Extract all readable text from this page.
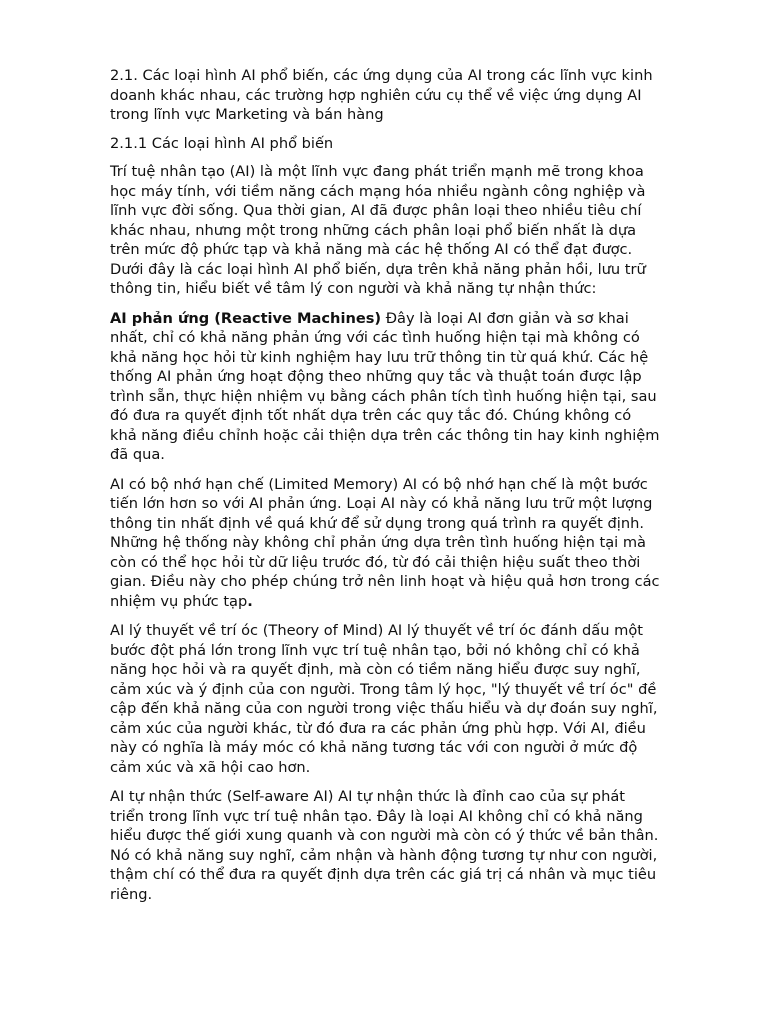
2.1. Các loại hình AI phổ biến, các ứng dụng của AI trong các lĩnh vực kinh
doanh khác nhau, các trường hợp nghiên cứu cụ thể về việc ứng dụng AI
trong lĩnh vực Marketing và bán hàng

2.1.1 Các loại hình AI phổ biến

Trí tuệ nhân tạo (AI) là một lĩnh vực đang phát triển mạnh mẽ trong khoa
học máy tính, với tiềm năng cách mạng hóa nhiều ngành công nghiệp và
lĩnh vực đời sống. Qua thời gian, AI đã được phân loại theo nhiều tiêu chí
khác nhau, nhưng một trong những cách phân loại phổ biến nhất là dựa
trên mức độ phức tạp và khả năng mà các hệ thống AI có thể đạt được.
Dưới đây là các loại hình AI phổ biến, dựa trên khả năng phản hồi, lưu trữ
thông tin, hiểu biết về tâm lý con người và khả năng tự nhận thức:

AI phản ứng (Reactive Machines) Đây là loại AI đơn giản và sơ khai
nhất, chỉ có khả năng phản ứng với các tình huống hiện tại mà không có
khả năng học hỏi từ kinh nghiệm hay lưu trữ thông tin từ quá khứ. Các hệ
thống AI phản ứng hoạt động theo những quy tắc và thuật toán được lập
trình sẵn, thực hiện nhiệm vụ bằng cách phân tích tình huống hiện tại, sau
đó đưa ra quyết định tốt nhất dựa trên các quy tắc đó. Chúng không có
khả năng điều chỉnh hoặc cải thiện dựa trên các thông tin hay kinh nghiệm
đã qua.

AI có bộ nhớ hạn chế (Limited Memory) AI có bộ nhớ hạn chế là một bước
tiến lớn hơn so với AI phản ứng. Loại AI này có khả năng lưu trữ một lượng
thông tin nhất định về quá khứ để sử dụng trong quá trình ra quyết định.
Những hệ thống này không chỉ phản ứng dựa trên tình huống hiện tại mà
còn có thể học hỏi từ dữ liệu trước đó, từ đó cải thiện hiệu suất theo thời
gian. Điều này cho phép chúng trở nên linh hoạt và hiệu quả hơn trong các
nhiệm vụ phức tạp.

AI lý thuyết về trí óc (Theory of Mind) AI lý thuyết về trí óc đánh dấu một
bước đột phá lớn trong lĩnh vực trí tuệ nhân tạo, bởi nó không chỉ có khả
năng học hỏi và ra quyết định, mà còn có tiềm năng hiểu được suy nghĩ,
cảm xúc và ý định của con người. Trong tâm lý học, "lý thuyết về trí óc" đề
cập đến khả năng của con người trong việc thấu hiểu và dự đoán suy nghĩ,
cảm xúc của người khác, từ đó đưa ra các phản ứng phù hợp. Với AI, điều
này có nghĩa là máy móc có khả năng tương tác với con người ở mức độ
cảm xúc và xã hội cao hơn.

AI tự nhận thức (Self-aware AI) AI tự nhận thức là đỉnh cao của sự phát
triển trong lĩnh vực trí tuệ nhân tạo. Đây là loại AI không chỉ có khả năng
hiểu được thế giới xung quanh và con người mà còn có ý thức về bản thân.
Nó có khả năng suy nghĩ, cảm nhận và hành động tương tự như con người,
thậm chí có thể đưa ra quyết định dựa trên các giá trị cá nhân và mục tiêu
riêng.
